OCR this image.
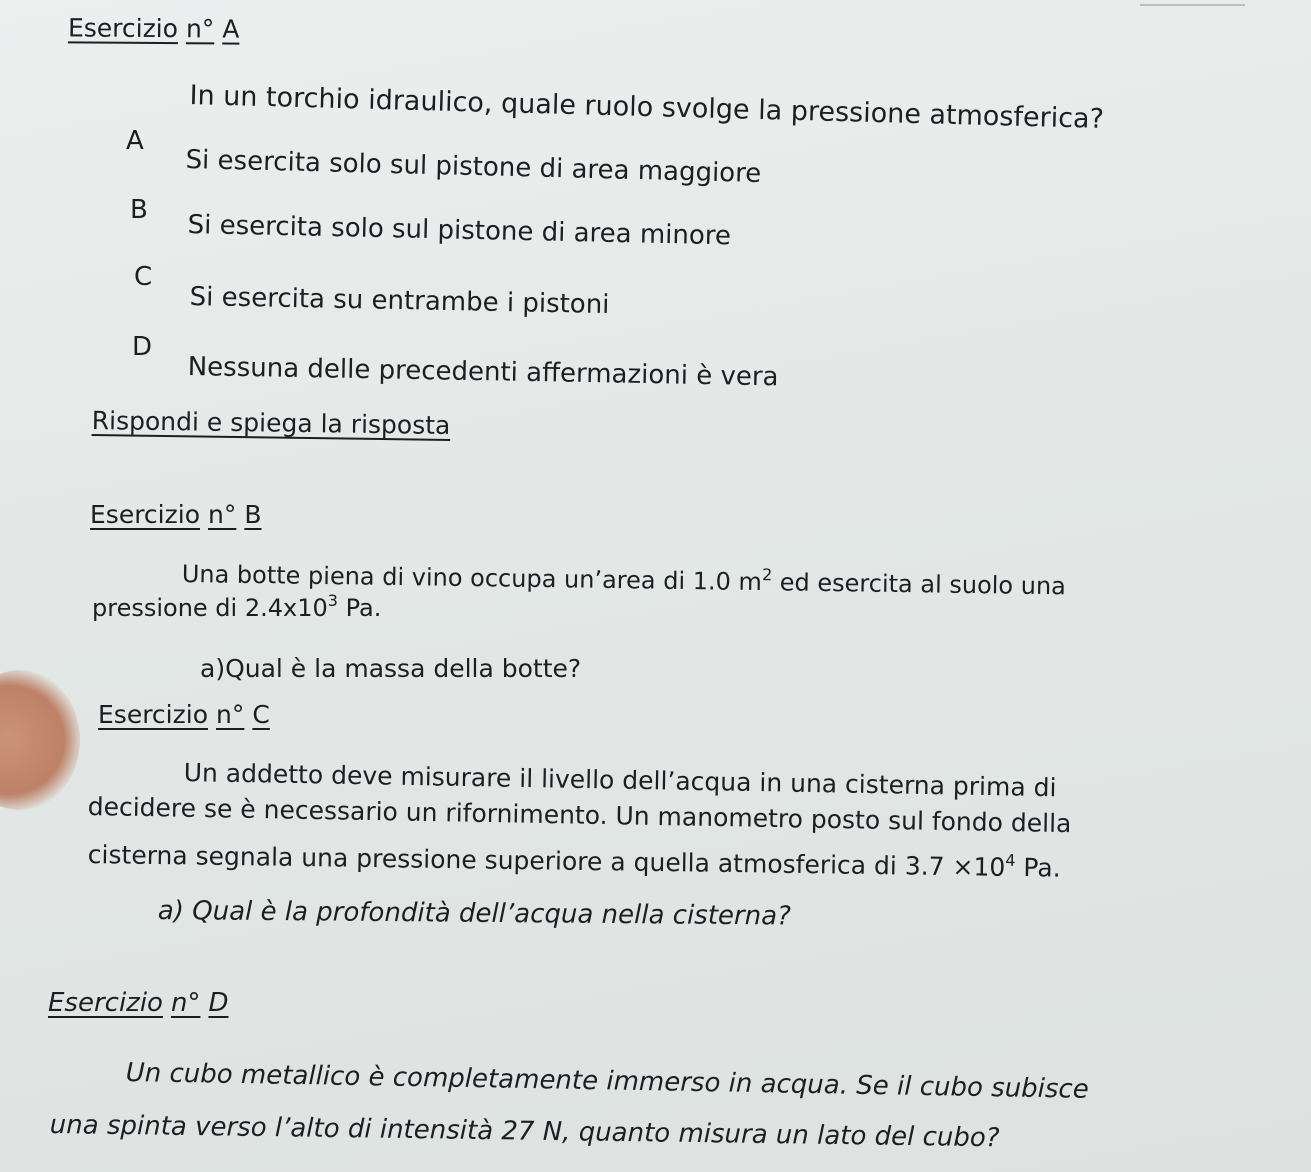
Esercizio n° A
In un torchio idraulico, quale ruolo svolge la pressione atmosferica?
A
Si esercita solo sul pistone di area maggiore
B Si esercita solo sul pistone di area minore
C
Si esercita su entrambe i pistoni
D
Nessuna delle precedenti affermazioni è vera
Rispondi e spiega la risposta
Esercizio n° B
Una botte piena di vino occupa un’area di 1.0 $m^2$ ed esercita al suolo una
pressione di $2.4x10^3$ Pa.
a)Qual è la massa della botte?
Esercizio n° C
Un addetto deve misurare il livello dell’acqua in una cisterna prima di
decidere se è necessario un rifornimento. Un manometro posto sul fondo della
cisterna segnala una pressione superiore a quella atmosferica di $3.7 \times 10^4$ Pa.
a) Qual è la profondità dell’acqua nella cisterna?
Esercizio n° D
Un cubo metallico è completamente immerso in acqua. Se il cubo subisce
una spinta verso l’alto di intensità 27 N, quanto misura un lato del cubo?
